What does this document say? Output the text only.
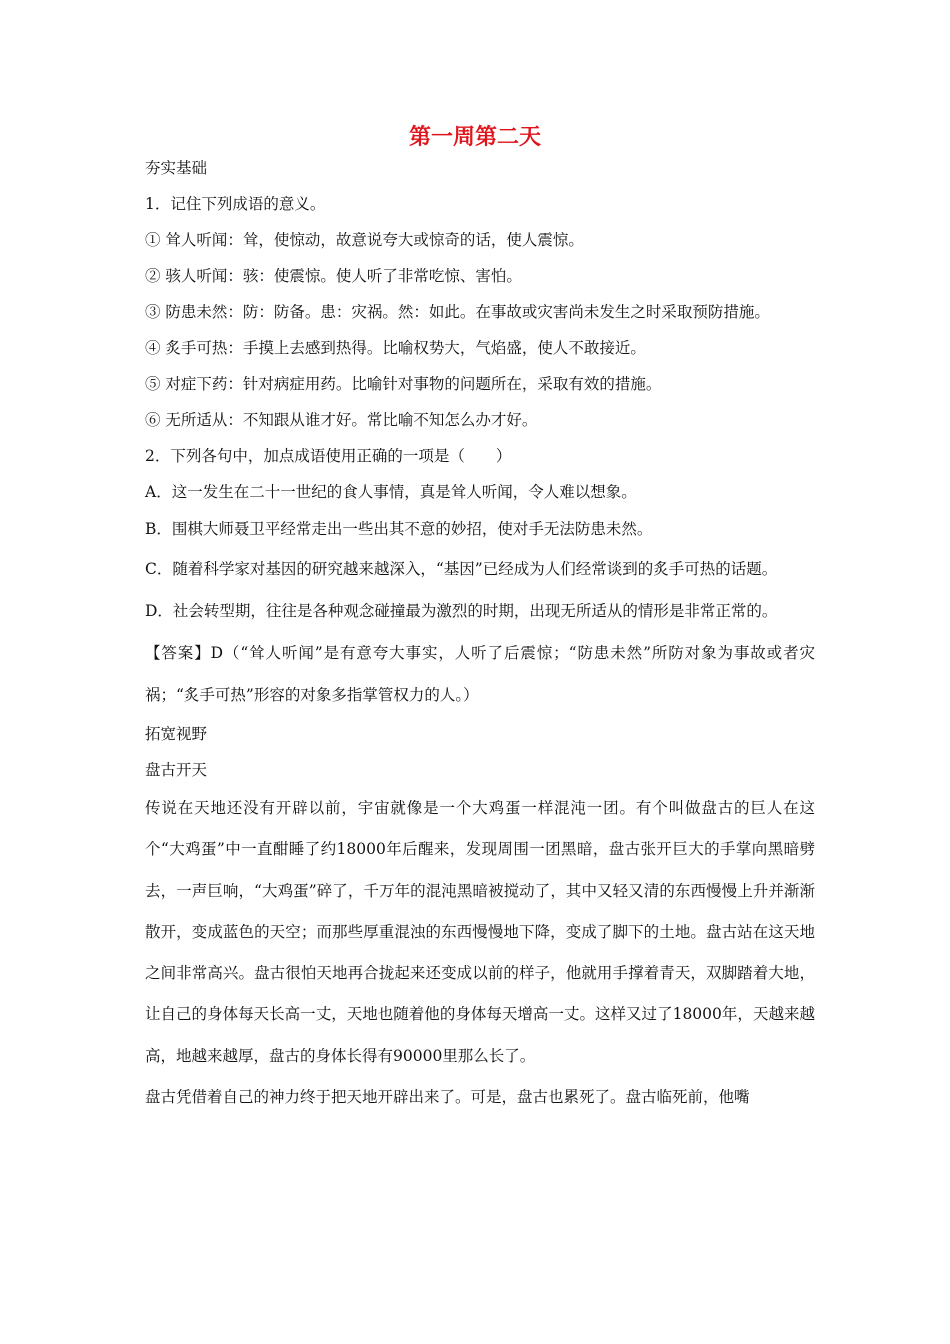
第一周第二天

夯实基础

1．记住下列成语的意义。

① 耸人听闻：耸，使惊动，故意说夸大或惊奇的话，使人震惊。

② 骇人听闻：骇：使震惊。使人听了非常吃惊、害怕。

③ 防患未然：防：防备。患：灾祸。然：如此。在事故或灾害尚未发生之时采取预防措施。

④ 炙手可热：手摸上去感到热得。比喻权势大，气焰盛，使人不敢接近。

⑤ 对症下药：针对病症用药。比喻针对事物的问题所在，采取有效的措施。

⑥ 无所适从：不知跟从谁才好。常比喻不知怎么办才好。

2．下列各句中，加点成语使用正确的一项是（　　）

A．这一发生在二十一世纪的食人事情，真是耸人听闻，令人难以想象。

B．围棋大师聂卫平经常走出一些出其不意的妙招，使对手无法防患未然。

C．随着科学家对基因的研究越来越深入，“基因”已经成为人们经常谈到的炙手可热的话题。

D．社会转型期，往往是各种观念碰撞最为激烈的时期，出现无所适从的情形是非常正常的。

【答案】D（“耸人听闻”是有意夸大事实，人听了后震惊；“防患未然”所防对象为事故或者灾祸；“炙手可热”形容的对象多指掌管权力的人。）

拓宽视野

盘古开天

传说在天地还没有开辟以前，宇宙就像是一个大鸡蛋一样混沌一团。有个叫做盘古的巨人在这个“大鸡蛋”中一直酣睡了约18000年后醒来，发现周围一团黑暗，盘古张开巨大的手掌向黑暗劈去，一声巨响，“大鸡蛋”碎了，千万年的混沌黑暗被搅动了，其中又轻又清的东西慢慢上升并渐渐散开，变成蓝色的天空；而那些厚重混浊的东西慢慢地下降，变成了脚下的土地。盘古站在这天地之间非常高兴。盘古很怕天地再合拢起来还变成以前的样子，他就用手撑着青天，双脚踏着大地，让自己的身体每天长高一丈，天地也随着他的身体每天增高一丈。这样又过了18000年，天越来越高，地越来越厚，盘古的身体长得有90000里那么长了。

盘古凭借着自己的神力终于把天地开辟出来了。可是，盘古也累死了。盘古临死前，他嘴
